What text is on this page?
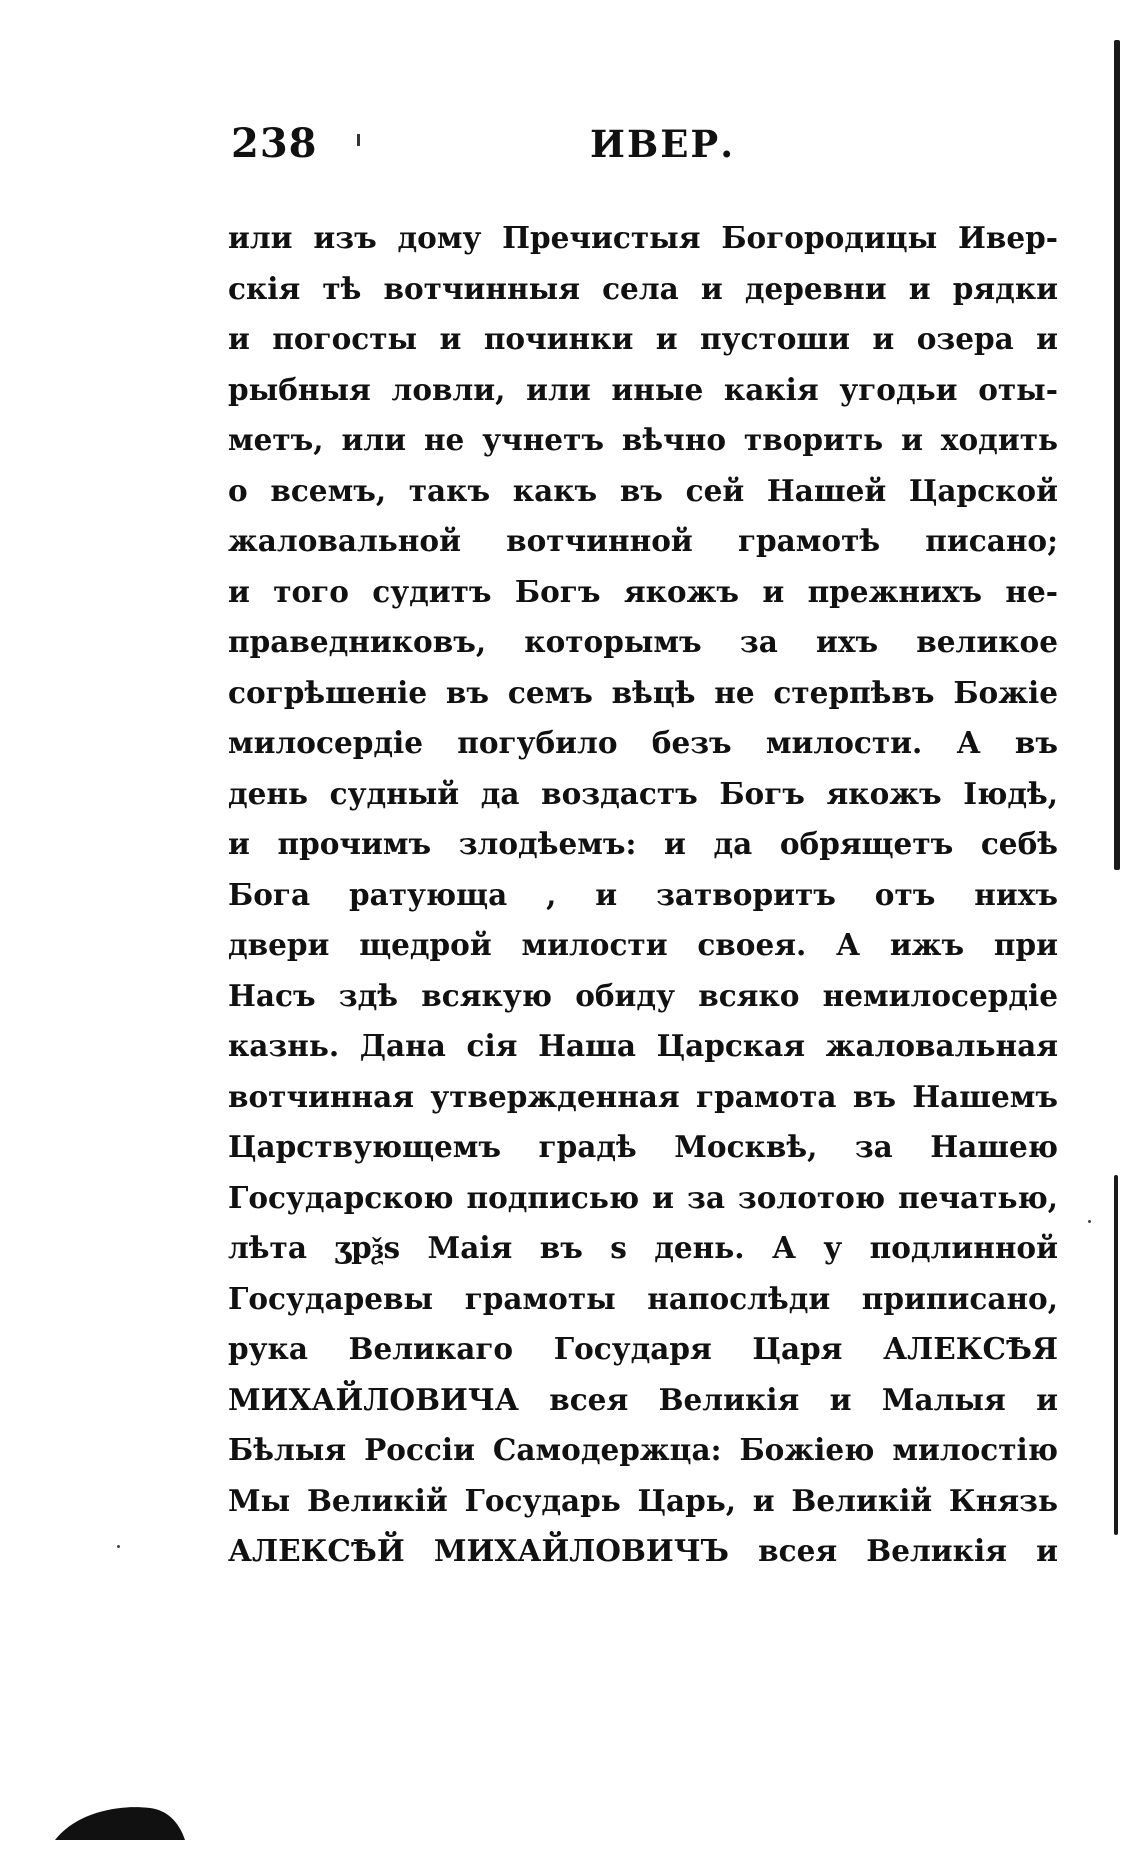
238	ИВЕР.
или изъ дому Пречистыя Богородицы Ивер-
скія тѣ вотчинныя села и деревни и рядки
и погосты и починки и пустоши и озера и
рыбныя ловли, или иные какія угодьи оты-
метъ, или не учнетъ вѣчно творить и ходить
о всемъ, такъ какъ въ сей Нашей Царской
жаловальной вотчинной грамотѣ писано;
и того судитъ Богъ якожъ и прежнихъ не-
праведниковъ, которымъ за ихъ великое
согрѣшеніе въ семъ вѣцѣ не стерпѣвъ Божіе
милосердіе погубило безъ милости. А въ
день судный да воздастъ Богъ якожъ Іюдѣ,
и прочимъ злодѣемъ: и да обрящетъ себѣ
Бога ратующа , и затворитъ отъ нихъ
двери щедрой милости своея. А ижъ при
Насъ здѣ всякую обиду всяко немилосердіе
казнь. Дана сія Наша Царская жаловальная
вотчинная утвержденная грамота въ Нашемъ
Царствующемъ градѣ Москвѣ, за Нашею
Государскою подписью и за золотою печатью,
лѣта ӡрѯѕ Маія въ ѕ день. А у подлинной
Государевы грамоты напослѣди приписано,
рука Великаго Государя Царя АЛЕКСѢЯ
МИХАЙЛОВИЧА всея Великія и Малыя и
Бѣлыя Россіи Самодержца: Божіею милостію
Мы Великій Государь Царь, и Великій Князь
АЛЕКСѢЙ МИХАЙЛОВИЧЪ всея Великія и
